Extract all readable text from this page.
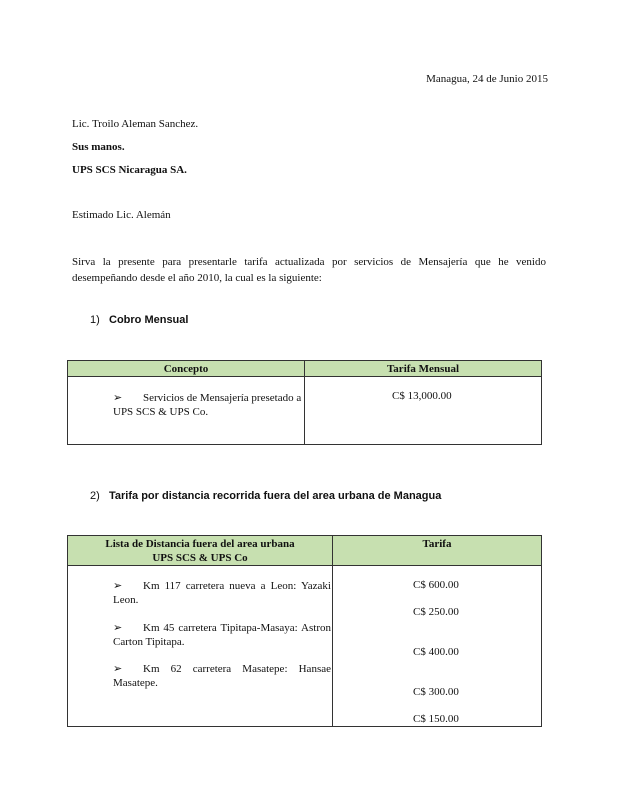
Managua, 24 de Junio 2015
Lic. Troilo Aleman Sanchez.
Sus manos.
UPS SCS Nicaragua SA.
Estimado Lic. Alemán
Sirva la presente para presentarle tarifa actualizada por servicios de Mensajería que he venido desempeñando desde el año 2010, la cual es la siguiente:
1) Cobro Mensual
Concepto	Tarifa Mensual
➢ Servicios de Mensajería presetado a UPS SCS & UPS Co.
C$ 13,000.00
2) Tarifa por distancia recorrida fuera del area urbana de Managua
Lista de Distancia fuera del area urbana
UPS SCS & UPS Co
Tarifa
➢ Km 117 carretera nueva a Leon: Yazaki Leon.
➢ Km 45 carretera Tipitapa-Masaya: Astron Carton Tipitapa.
➢ Km 62 carretera Masatepe: Hansae Masatepe.
C$ 600.00
C$ 250.00
C$ 400.00
C$ 300.00
C$ 150.00
